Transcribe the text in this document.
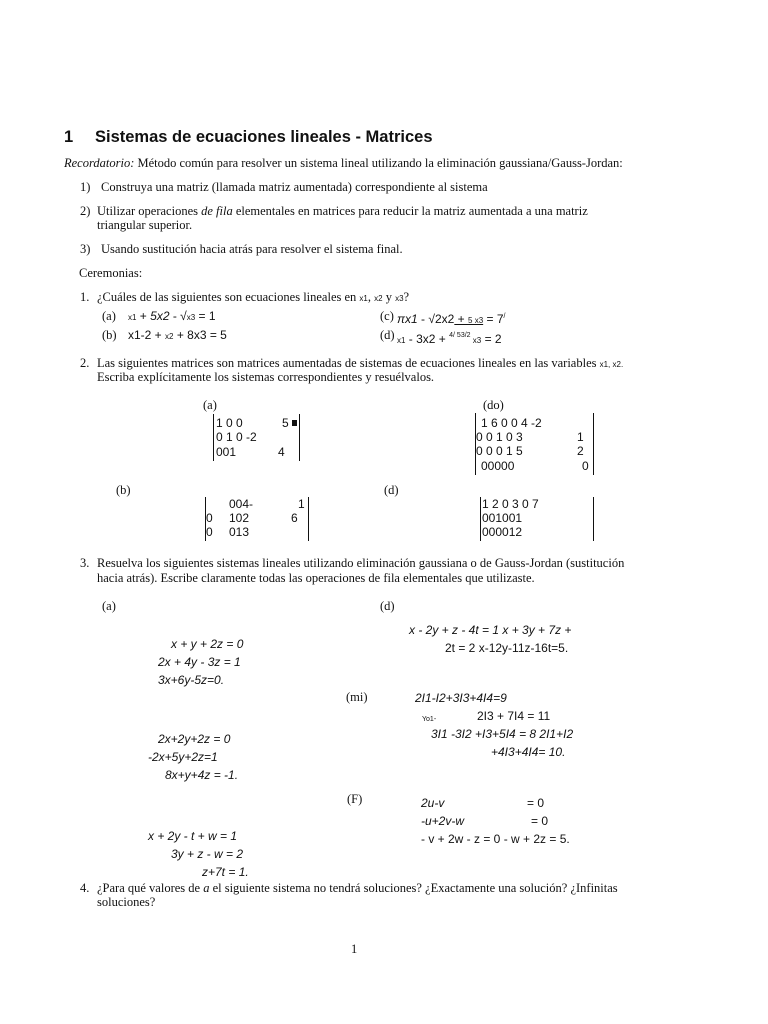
1 Sistemas de ecuaciones lineales - Matrices
Recordatorio: Método común para resolver un sistema lineal utilizando la eliminación gaussiana/Gauss-Jordan:
1) Construya una matriz (llamada matriz aumentada) correspondiente al sistema
2) Utilizar operaciones de fila elementales en matrices para reducir la matriz aumentada a una matriz
triangular superior.
3) Usando sustitución hacia atrás para resolver el sistema final.
Ceremonias:
1. ¿Cuáles de las siguientes son ecuaciones lineales en x1, x2 y x3?
(a) x1 + 5x2 - √x3 = 1
(b) x1-2 + x2 + 8x3 = 5
(c) πx1 - √2x2 + 5 x3 = 7/
(d) x1 - 3x2 + $^{4/ 53/2}$ x3 = 2
2. Las siguientes matrices son matrices aumentadas de sistemas de ecuaciones lineales en las variables x1, x2.
Escriba explícitamente los sistemas correspondientes y resuélvalos.
(a)
1 0 0	5
0 1 0 -2
001	4
(do)
1 6 0 0 4 -2
0 0 1 0 3	1
0 0 0 1 5	2
00000	0
(b)
004-	1
0 102	6
0 013
(d)
1 2 0 3 0 7
001001
000012
3. Resuelva los siguientes sistemas lineales utilizando eliminación gaussiana o de Gauss-Jordan (sustitución
hacia atrás). Escribe claramente todas las operaciones de fila elementales que utilizaste.
(a)	(d)
x + y + 2z = 0
2x + 4y - 3z = 1
3x+6y-5z=0.
x - 2y + z - 4t = 1 x + 3y + 7z +
2t = 2 x-12y-11z-16t=5.
(mi)	2I1-I2+3I3+4I4=9
Yo1-	2I3 + 7I4 = 11
3I1 -3I2 +I3+5I4 = 8 2I1+I2
+4I3+4I4= 10.
2x+2y+2z = 0
-2x+5y+2z=1
8x+y+4z = -1.
(F)	2u-v	= 0
-u+2v-w	= 0
- v + 2w - z = 0 - w + 2z = 5.
x + 2y - t + w = 1
3y + z - w = 2
z+7t = 1.
4. ¿Para qué valores de a el siguiente sistema no tendrá soluciones? ¿Exactamente una solución? ¿Infinitas
soluciones?
1
